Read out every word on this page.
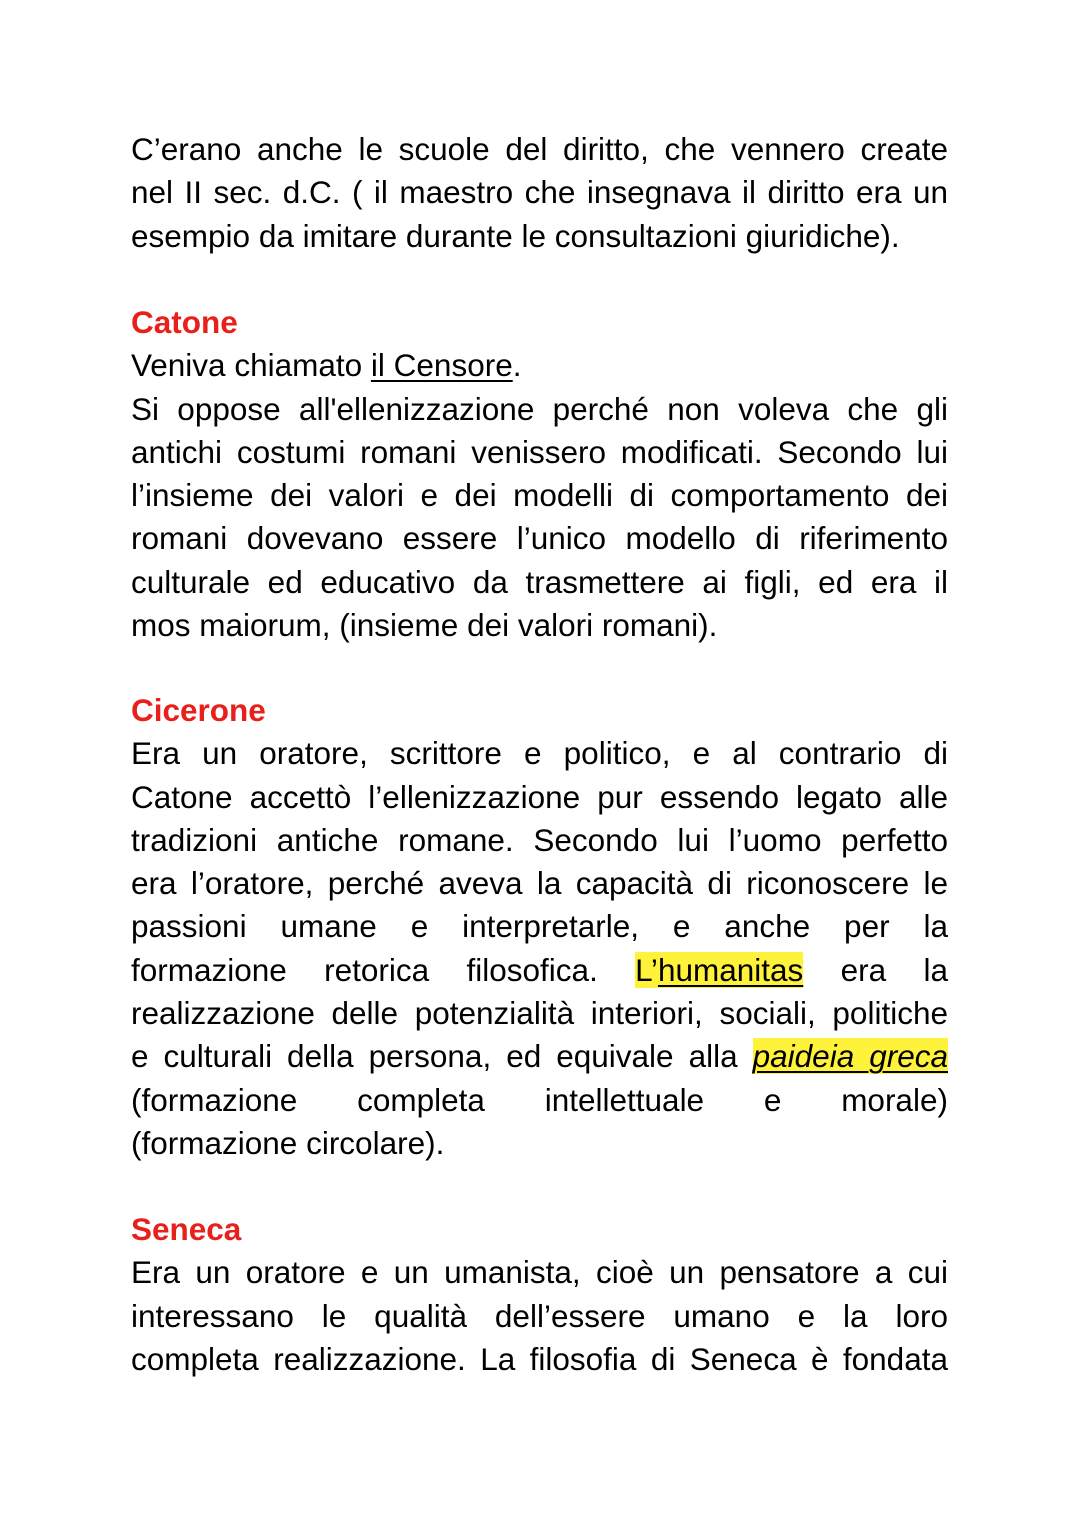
C’erano anche le scuole del diritto, che vennero create
nel II sec. d.C. ( il maestro che insegnava il diritto era un
esempio da imitare durante le consultazioni giuridiche).
Catone
Veniva chiamato il Censore.
Si oppose all'ellenizzazione perché non voleva che gli
antichi costumi romani venissero modificati. Secondo lui
l’insieme dei valori e dei modelli di comportamento dei
romani dovevano essere l’unico modello di riferimento
culturale ed educativo da trasmettere ai figli, ed era il
mos maiorum, (insieme dei valori romani).
Cicerone
Era un oratore, scrittore e politico, e al contrario di
Catone accettò l’ellenizzazione pur essendo legato alle
tradizioni antiche romane. Secondo lui l’uomo perfetto
era l’oratore, perché aveva la capacità di riconoscere le
passioni umane e interpretarle, e anche per la
formazione retorica filosofica. L’humanitas era la
realizzazione delle potenzialità interiori, sociali, politiche
e culturali della persona, ed equivale alla paideia greca
(formazione completa intellettuale e morale)
(formazione circolare).
Seneca
Era un oratore e un umanista, cioè un pensatore a cui
interessano le qualità dell’essere umano e la loro
completa realizzazione. La filosofia di Seneca è fondata
